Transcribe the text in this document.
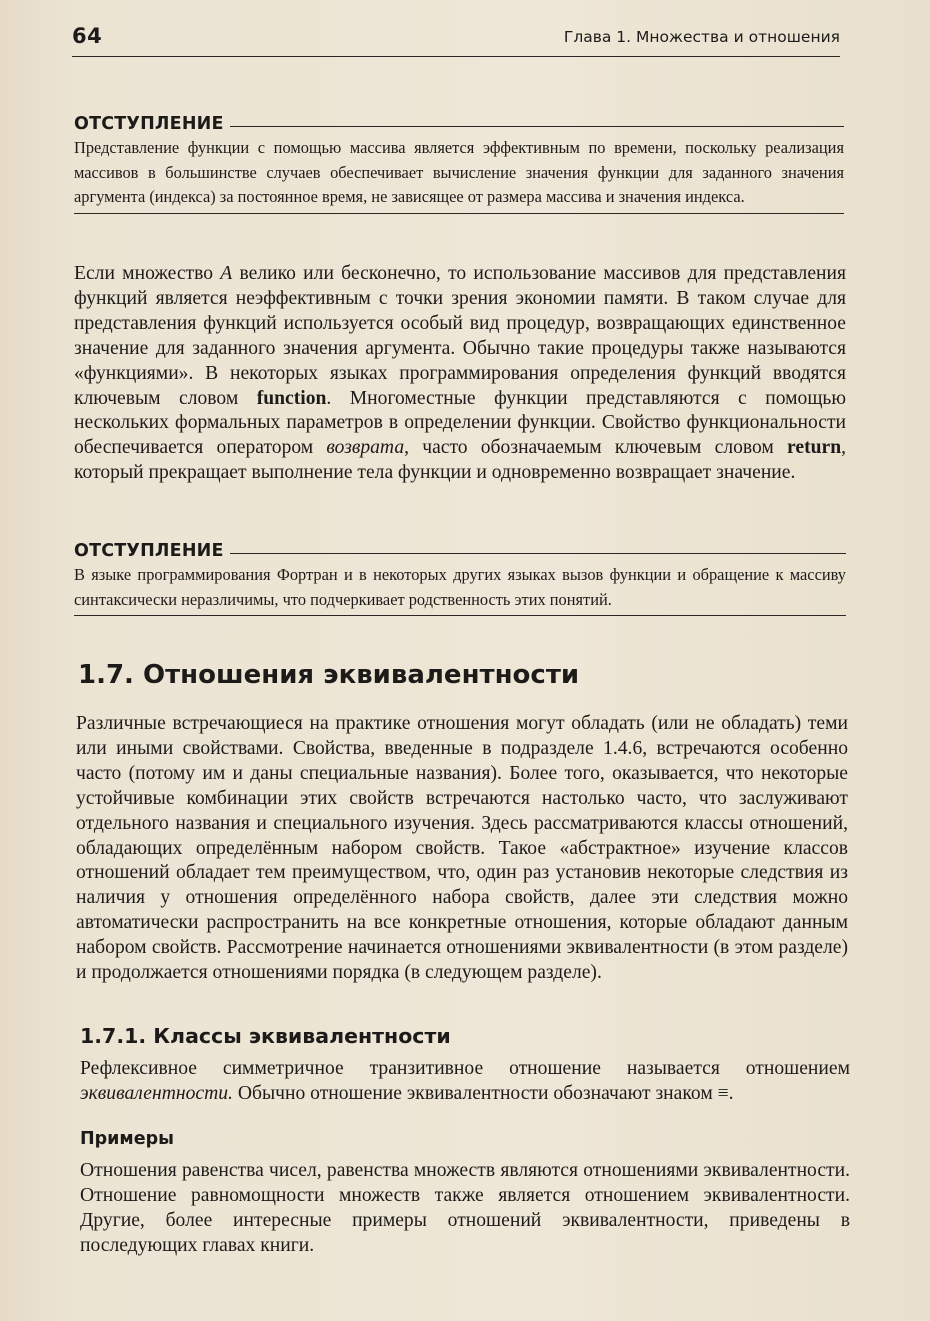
64	Глава 1. Множества и отношения
ОТСТУПЛЕНИЕ

Представление функции с помощью массива является эффективным по времени, поскольку реализация массивов в большинстве случаев обеспечивает вычисление значения функции для заданного значения аргумента (индекса) за постоянное время, не зависящее от размера массива и значения индекса.

Если множество A велико или бесконечно, то использование массивов для представления функций является неэффективным с точки зрения экономии памяти. В таком случае для представления функций используется особый вид процедур, возвращающих единственное значение для заданного значения аргумента. Обычно такие процедуры также называются «функциями». В некоторых языках программирования определения функций вводятся ключевым словом function. Многоместные функции представляются с помощью нескольких формальных параметров в определении функции. Свойство функциональности обеспечивается оператором возврата, часто обозначаемым ключевым словом return, который прекращает выполнение тела функции и одновременно возвращает значение.

ОТСТУПЛЕНИЕ

В языке программирования Фортран и в некоторых других языках вызов функции и обращение к массиву синтаксически неразличимы, что подчеркивает родственность этих понятий.

1.7. Отношения эквивалентности

Различные встречающиеся на практике отношения могут обладать (или не обладать) теми или иными свойствами. Свойства, введенные в подразделе 1.4.6, встречаются особенно часто (потому им и даны специальные названия). Более того, оказывается, что некоторые устойчивые комбинации этих свойств встречаются настолько часто, что заслуживают отдельного названия и специального изучения. Здесь рассматриваются классы отношений, обладающих определённым набором свойств. Такое «абстрактное» изучение классов отношений обладает тем преимуществом, что, один раз установив некоторые следствия из наличия у отношения определённого набора свойств, далее эти следствия можно автоматически распространить на все конкретные отношения, которые обладают данным набором свойств. Рассмотрение начинается отношениями эквивалентности (в этом разделе) и продолжается отношениями порядка (в следующем разделе).

1.7.1. Классы эквивалентности

Рефлексивное симметричное транзитивное отношение называется отношением эквивалентности. Обычно отношение эквивалентности обозначают знаком ≡.

Примеры

Отношения равенства чисел, равенства множеств являются отношениями эквивалентности. Отношение равномощности множеств также является отношением эквивалентности. Другие, более интересные примеры отношений эквивалентности, приведены в последующих главах книги.
